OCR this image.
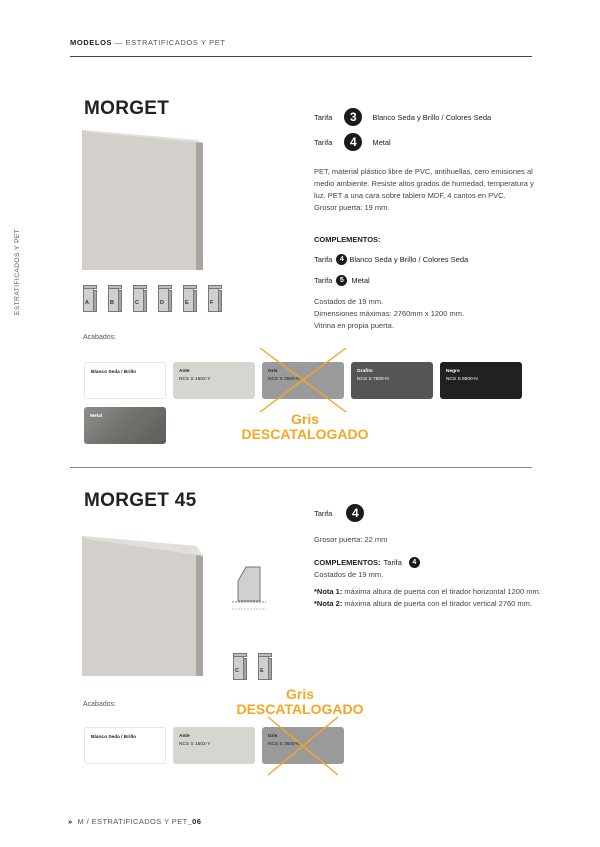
MODELOS — ESTRATIFICADOS Y PET
ESTRATIFICADOS Y PET
MORGET
A	B	C	D	E	F
Tarifa	3	Blanco Seda y Brillo / Colores Seda
Tarifa	4	Metal
PET, material plástico libre de PVC, antihuellas, cero emisiones al medio ambiente. Resiste altos grados de humedad, temperatura y luz. PET a una cara sobre tablero MDF, 4 cantos en PVC.
Grosor puerta: 19 mm.
COMPLEMENTOS:
Tarifa	4 Blanco Seda y Brillo / Colores Seda
Tarifa	5	Metal
Costados de 19 mm.
Dimensiones máximas: 2760mm x 1200 mm.
Vitrina en propia puerta.
Acabados:
Blanco Seda / Brillo	Ante
NCS S 1502-Y
Gris
NCS S 3500-N
Grafito
NCS S 7500-N
Negro
NCS S 8500-N
Metal	Gris
DESCATALOGADO
MORGET 45
C	E
Tarifa	4
Grosor puerta: 22 mm
COMPLEMENTOS: Tarifa	4
Costados de 19 mm.
*Nota 1: máxima altura de puerta con el tirador horizontal 1200 mm.
*Nota 2: máxima altura de puerta con el tirador vertical 2760 mm.
Acabados:
Gris
DESCATALOGADO
Blanco Seda / Brillo	Ante
NCS S 1502-Y
Gris
NCS S 3500-N
» M / ESTRATIFICADOS Y PET_06
